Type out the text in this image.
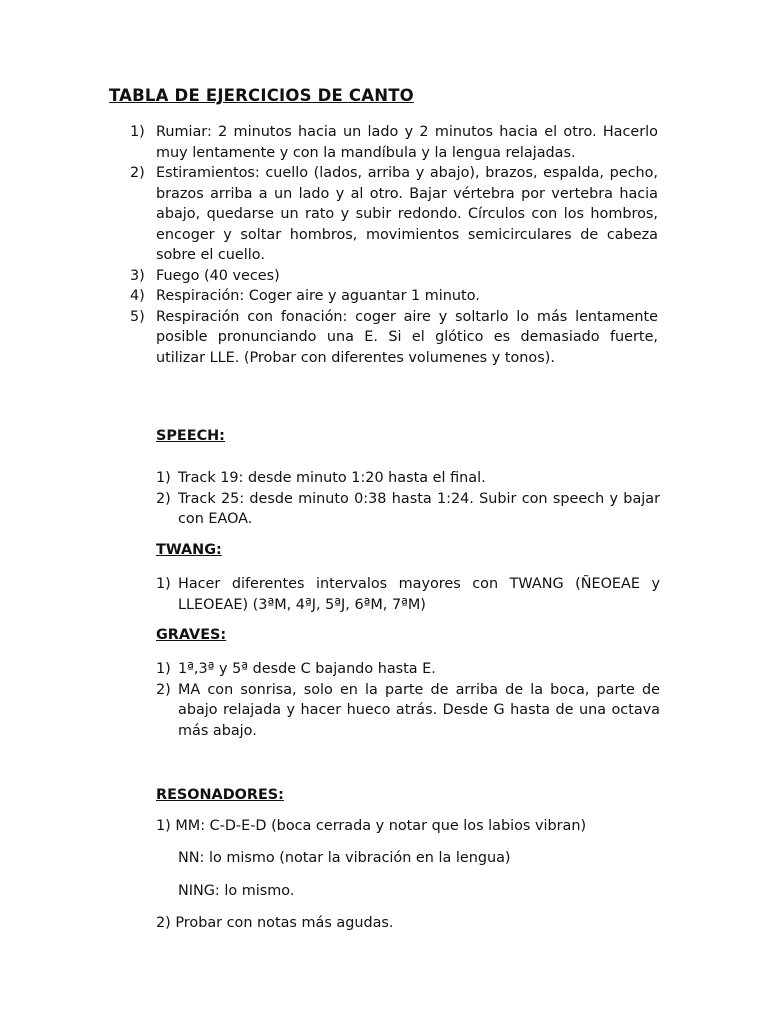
TABLA DE EJERCICIOS DE CANTO
1) Rumiar: 2 minutos hacia un lado y 2 minutos hacia el otro. Hacerlo muy lentamente y con la mandíbula y la lengua relajadas.
2) Estiramientos: cuello (lados, arriba y abajo), brazos, espalda, pecho, brazos arriba a un lado y al otro. Bajar vértebra por vertebra hacia abajo, quedarse un rato y subir redondo. Círculos con los hombros, encoger y soltar hombros, movimientos semicirculares de cabeza sobre el cuello.
3) Fuego (40 veces)
4) Respiración: Coger aire y aguantar 1 minuto.
5) Respiración con fonación: coger aire y soltarlo lo más lentamente posible pronunciando una E. Si el glótico es demasiado fuerte, utilizar LLE. (Probar con diferentes volumenes y tonos).
SPEECH:
1) Track 19: desde minuto 1:20 hasta el final.
2) Track 25: desde minuto 0:38 hasta 1:24. Subir con speech y bajar con EAOA.
TWANG:
1) Hacer diferentes intervalos mayores con TWANG (ÑEOEAE y LLEOEAE) (3ªM, 4ªJ, 5ªJ, 6ªM, 7ªM)
GRAVES:
1) 1ª,3ª y 5ª desde C bajando hasta E.
2) MA con sonrisa, solo en la parte de arriba de la boca, parte de abajo relajada y hacer hueco atrás. Desde G hasta de una octava más abajo.
RESONADORES:
1) MM: C-D-E-D (boca cerrada y notar que los labios vibran)
NN: lo mismo (notar la vibración en la lengua)
NING: lo mismo.
2) Probar con notas más agudas.
